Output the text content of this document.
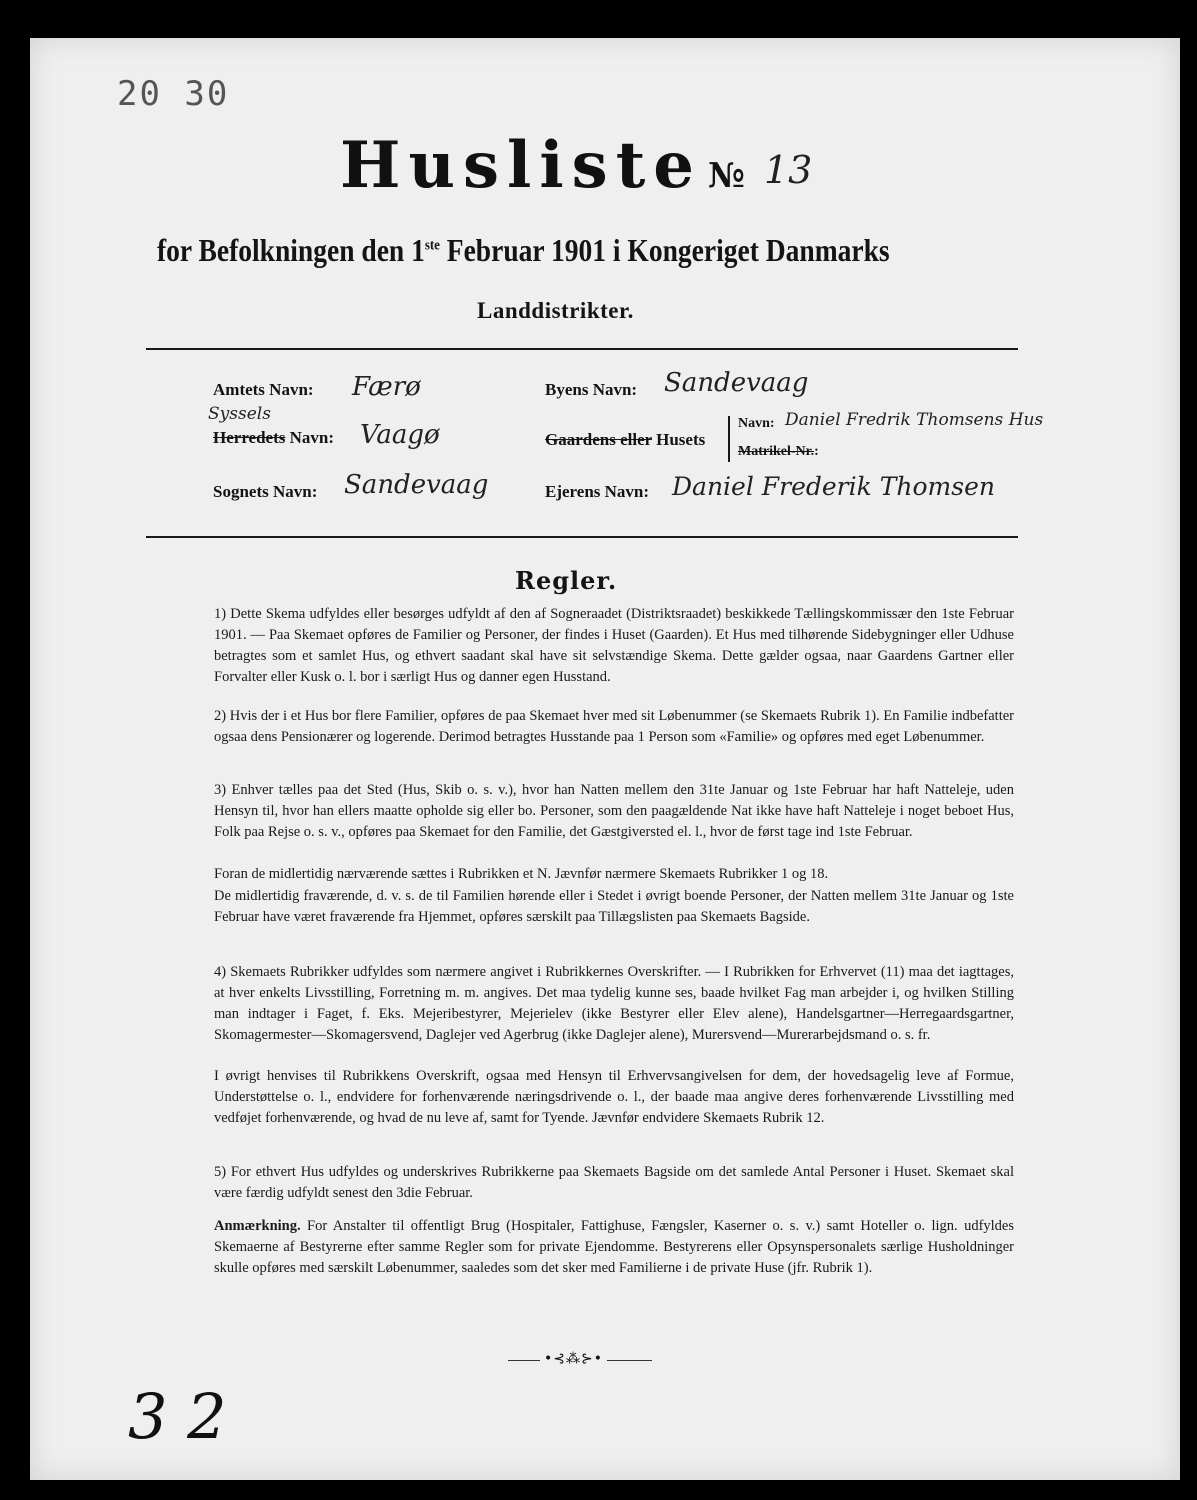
20 30
Husliste № 13
for Befolkningen den 1ste Februar 1901 i Kongeriget Danmarks
Landdistrikter.
Amtets Navn: Færø
Syssels
Herredets Navn: Vaagø
Sognets Navn: Sandevaag
Byens Navn: Sandevaag
Gaardens eller Husets
Navn: Daniel Fredrik Thomsens Hus
Matrikel-Nr.:
Ejerens Navn: Daniel Frederik Thomsen
Regler.
1) Dette Skema udfyldes eller besørges udfyldt af den af Sogneraadet (Distriktsraadet) beskikkede Tællingskommissær den 1ste Februar 1901. — Paa Skemaet opføres de Familier og Personer, der findes i Huset (Gaarden). Et Hus med tilhørende Sidebygninger eller Udhuse betragtes som et samlet Hus, og ethvert saadant skal have sit selvstændige Skema. Dette gælder ogsaa, naar Gaardens Gartner eller Forvalter eller Kusk o. l. bor i særligt Hus og danner egen Husstand.
2) Hvis der i et Hus bor flere Familier, opføres de paa Skemaet hver med sit Løbenummer (se Skemaets Rubrik 1). En Familie indbefatter ogsaa dens Pensionærer og logerende. Derimod betragtes Husstande paa 1 Person som «Familie» og opføres med eget Løbenummer.
3) Enhver tælles paa det Sted (Hus, Skib o. s. v.), hvor han Natten mellem den 31te Januar og 1ste Februar har haft Natteleje, uden Hensyn til, hvor han ellers maatte opholde sig eller bo. Personer, som den paagældende Nat ikke have haft Natteleje i noget beboet Hus, Folk paa Rejse o. s. v., opføres paa Skemaet for den Familie, det Gæstgiversted el. l., hvor de først tage ind 1ste Februar.
Foran de midlertidig nærværende sættes i Rubrikken et N. Jævnfør nærmere Skemaets Rubrikker 1 og 18.
De midlertidig fraværende, d. v. s. de til Familien hørende eller i Stedet i øvrigt boende Personer, der Natten mellem 31te Januar og 1ste Februar have været fraværende fra Hjemmet, opføres særskilt paa Tillægslisten paa Skemaets Bagside.
4) Skemaets Rubrikker udfyldes som nærmere angivet i Rubrikkernes Overskrifter. — I Rubrikken for Erhvervet (11) maa det iagttages, at hver enkelts Livsstilling, Forretning m. m. angives. Det maa tydelig kunne ses, baade hvilket Fag man arbejder i, og hvilken Stilling man indtager i Faget, f. Eks. Mejeribestyrer, Mejerielev (ikke Bestyrer eller Elev alene), Handelsgartner—Herregaardsgartner, Skomagermester—Skomagersvend, Daglejer ved Agerbrug (ikke Daglejer alene), Murersvend—Murerarbejdsmand o. s. fr.
I øvrigt henvises til Rubrikkens Overskrift, ogsaa med Hensyn til Erhvervsangivelsen for dem, der hovedsagelig leve af Formue, Understøttelse o. l., endvidere for forhenværende næringsdrivende o. l., der baade maa angive deres forhenværende Livsstilling med vedføjet forhenværende, og hvad de nu leve af, samt for Tyende. Jævnfør endvidere Skemaets Rubrik 12.
5) For ethvert Hus udfyldes og underskrives Rubrikkerne paa Skemaets Bagside om det samlede Antal Personer i Huset. Skemaet skal være færdig udfyldt senest den 3die Februar.
Anmærkning. For Anstalter til offentligt Brug (Hospitaler, Fattighuse, Fængsler, Kaserner o. s. v.) samt Hoteller o. lign. udfyldes Skemaerne af Bestyrerne efter samme Regler som for private Ejendomme. Bestyrerens eller Opsynspersonalets særlige Husholdninger skulle opføres med særskilt Løbenummer, saaledes som det sker med Familierne i de private Huse (jfr. Rubrik 1).
•⊰⁂⊱•
3 2
